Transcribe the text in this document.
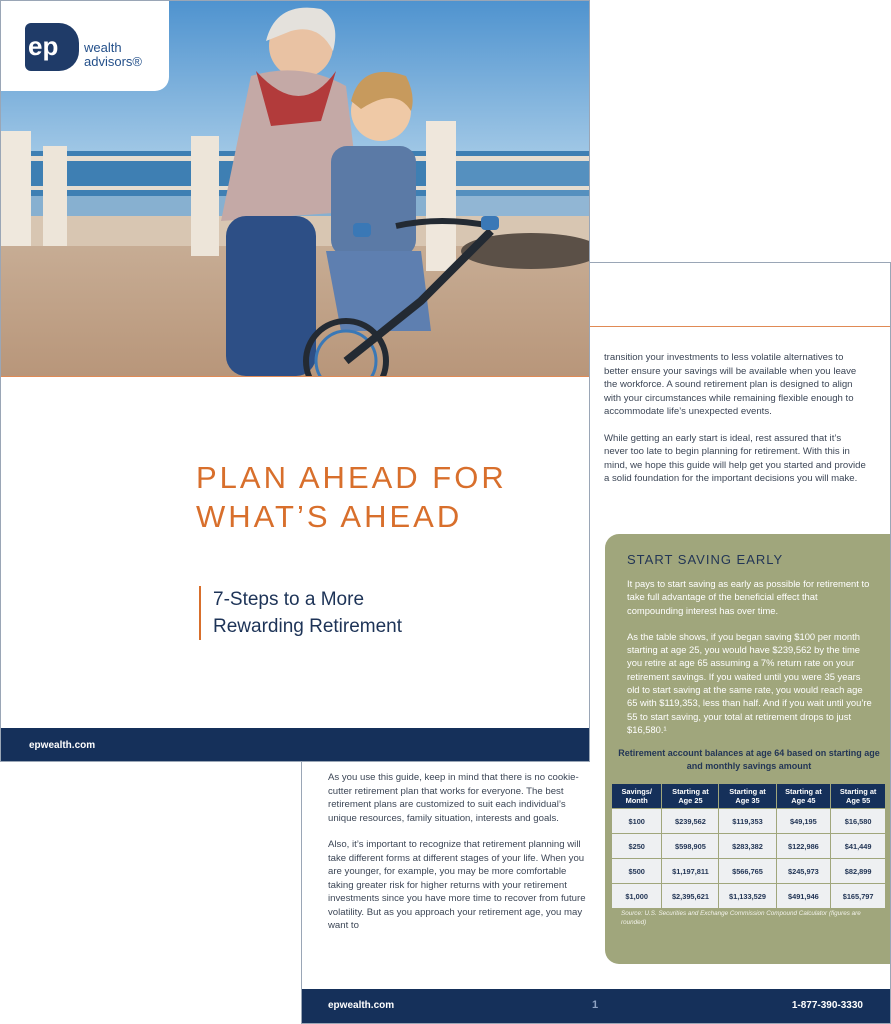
transition your investments to less volatile alternatives to better ensure your savings will be available when you leave the workforce. A sound retirement plan is designed to align with your circumstances while remaining flexible enough to accommodate life’s unexpected events.

While getting an early start is ideal, rest assured that it’s never too late to begin planning for retirement. With this in mind, we hope this guide will help get you started and provide a solid foundation for the important decisions you will make.

As you use this guide, keep in mind that there is no cookie-cutter retirement plan that works for everyone. The best retirement plans are customized to suit each individual’s unique resources, family situation, interests and goals.

Also, it’s important to recognize that retirement planning will take different forms at different stages of your life. When you are younger, for example, you may be more comfortable taking greater risk for higher returns with your retirement investments since you have more time to recover from future volatility. But as you approach your retirement age, you may want to

START SAVING EARLY

It pays to start saving as early as possible for retirement to take full advantage of the beneficial effect that compounding interest has over time.

As the table shows, if you began saving $100 per month starting at age 25, you would have $239,562 by the time you retire at age 65 assuming a 7% return rate on your retirement savings. If you waited until you were 35 years old to start saving at the same rate, you would reach age 65 with $119,353, less than half. And if you wait until you’re 55 to start saving, your total at retirement drops to just $16,580.¹

Retirement account balances at age 64 based on starting age and monthly savings amount
Savings/ Month	Starting at Age 25	Starting at Age 35	Starting at Age 45	Starting at Age 55
$100	$239,562	$119,353	$49,195	$16,580
$250	$598,905	$283,382	$122,986	$41,449
$500	$1,197,811	$566,765	$245,973	$82,899
$1,000	$2,395,621	$1,133,529	$491,946	$165,797
Source: U.S. Securities and Exchange Commission Compound Calculator (figures are rounded)
epwealth.com	1	1-877-390-3330
ep	wealth
advisors®
PLAN AHEAD FOR
WHAT’S AHEAD
7-Steps to a More
Rewarding Retirement
epwealth.com
